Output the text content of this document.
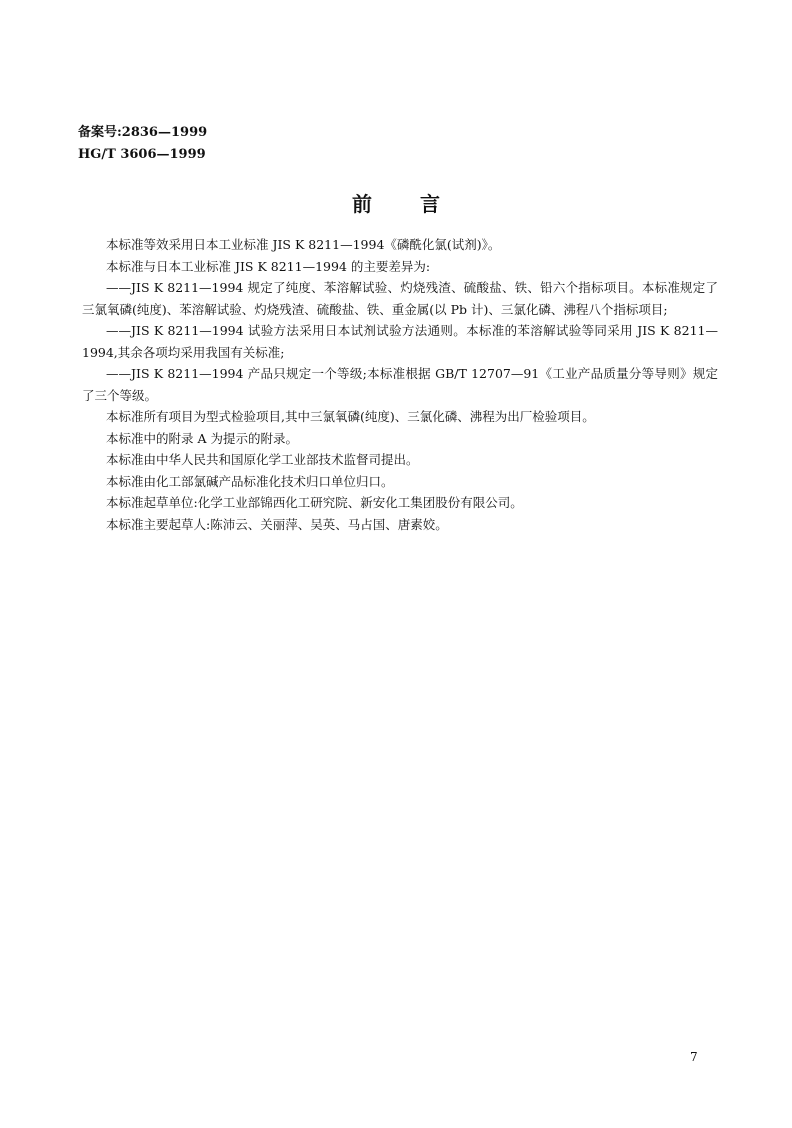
备案号:2836—1999
HG/T 3606—1999
前言

本标准等效采用日本工业标准 JIS K 8211—1994《磷酰化氯(试剂)》。

本标准与日本工业标准 JIS K 8211—1994 的主要差异为:

——JIS K 8211—1994 规定了纯度、苯溶解试验、灼烧残渣、硫酸盐、铁、铅六个指标项目。本标准规定了三氯氧磷(纯度)、苯溶解试验、灼烧残渣、硫酸盐、铁、重金属(以 Pb 计)、三氯化磷、沸程八个指标项目;

——JIS K 8211—1994 试验方法采用日本试剂试验方法通则。本标准的苯溶解试验等同采用 JIS K 8211—1994,其余各项均采用我国有关标准;

——JIS K 8211—1994 产品只规定一个等级;本标准根据 GB/T 12707—91《工业产品质量分等导则》规定了三个等级。

本标准所有项目为型式检验项目,其中三氯氧磷(纯度)、三氯化磷、沸程为出厂检验项目。

本标准中的附录 A 为提示的附录。

本标准由中华人民共和国原化学工业部技术监督司提出。

本标准由化工部氯碱产品标准化技术归口单位归口。

本标准起草单位:化学工业部锦西化工研究院、新安化工集团股份有限公司。

本标准主要起草人:陈沛云、关丽萍、吴英、马占国、唐素姣。

7
